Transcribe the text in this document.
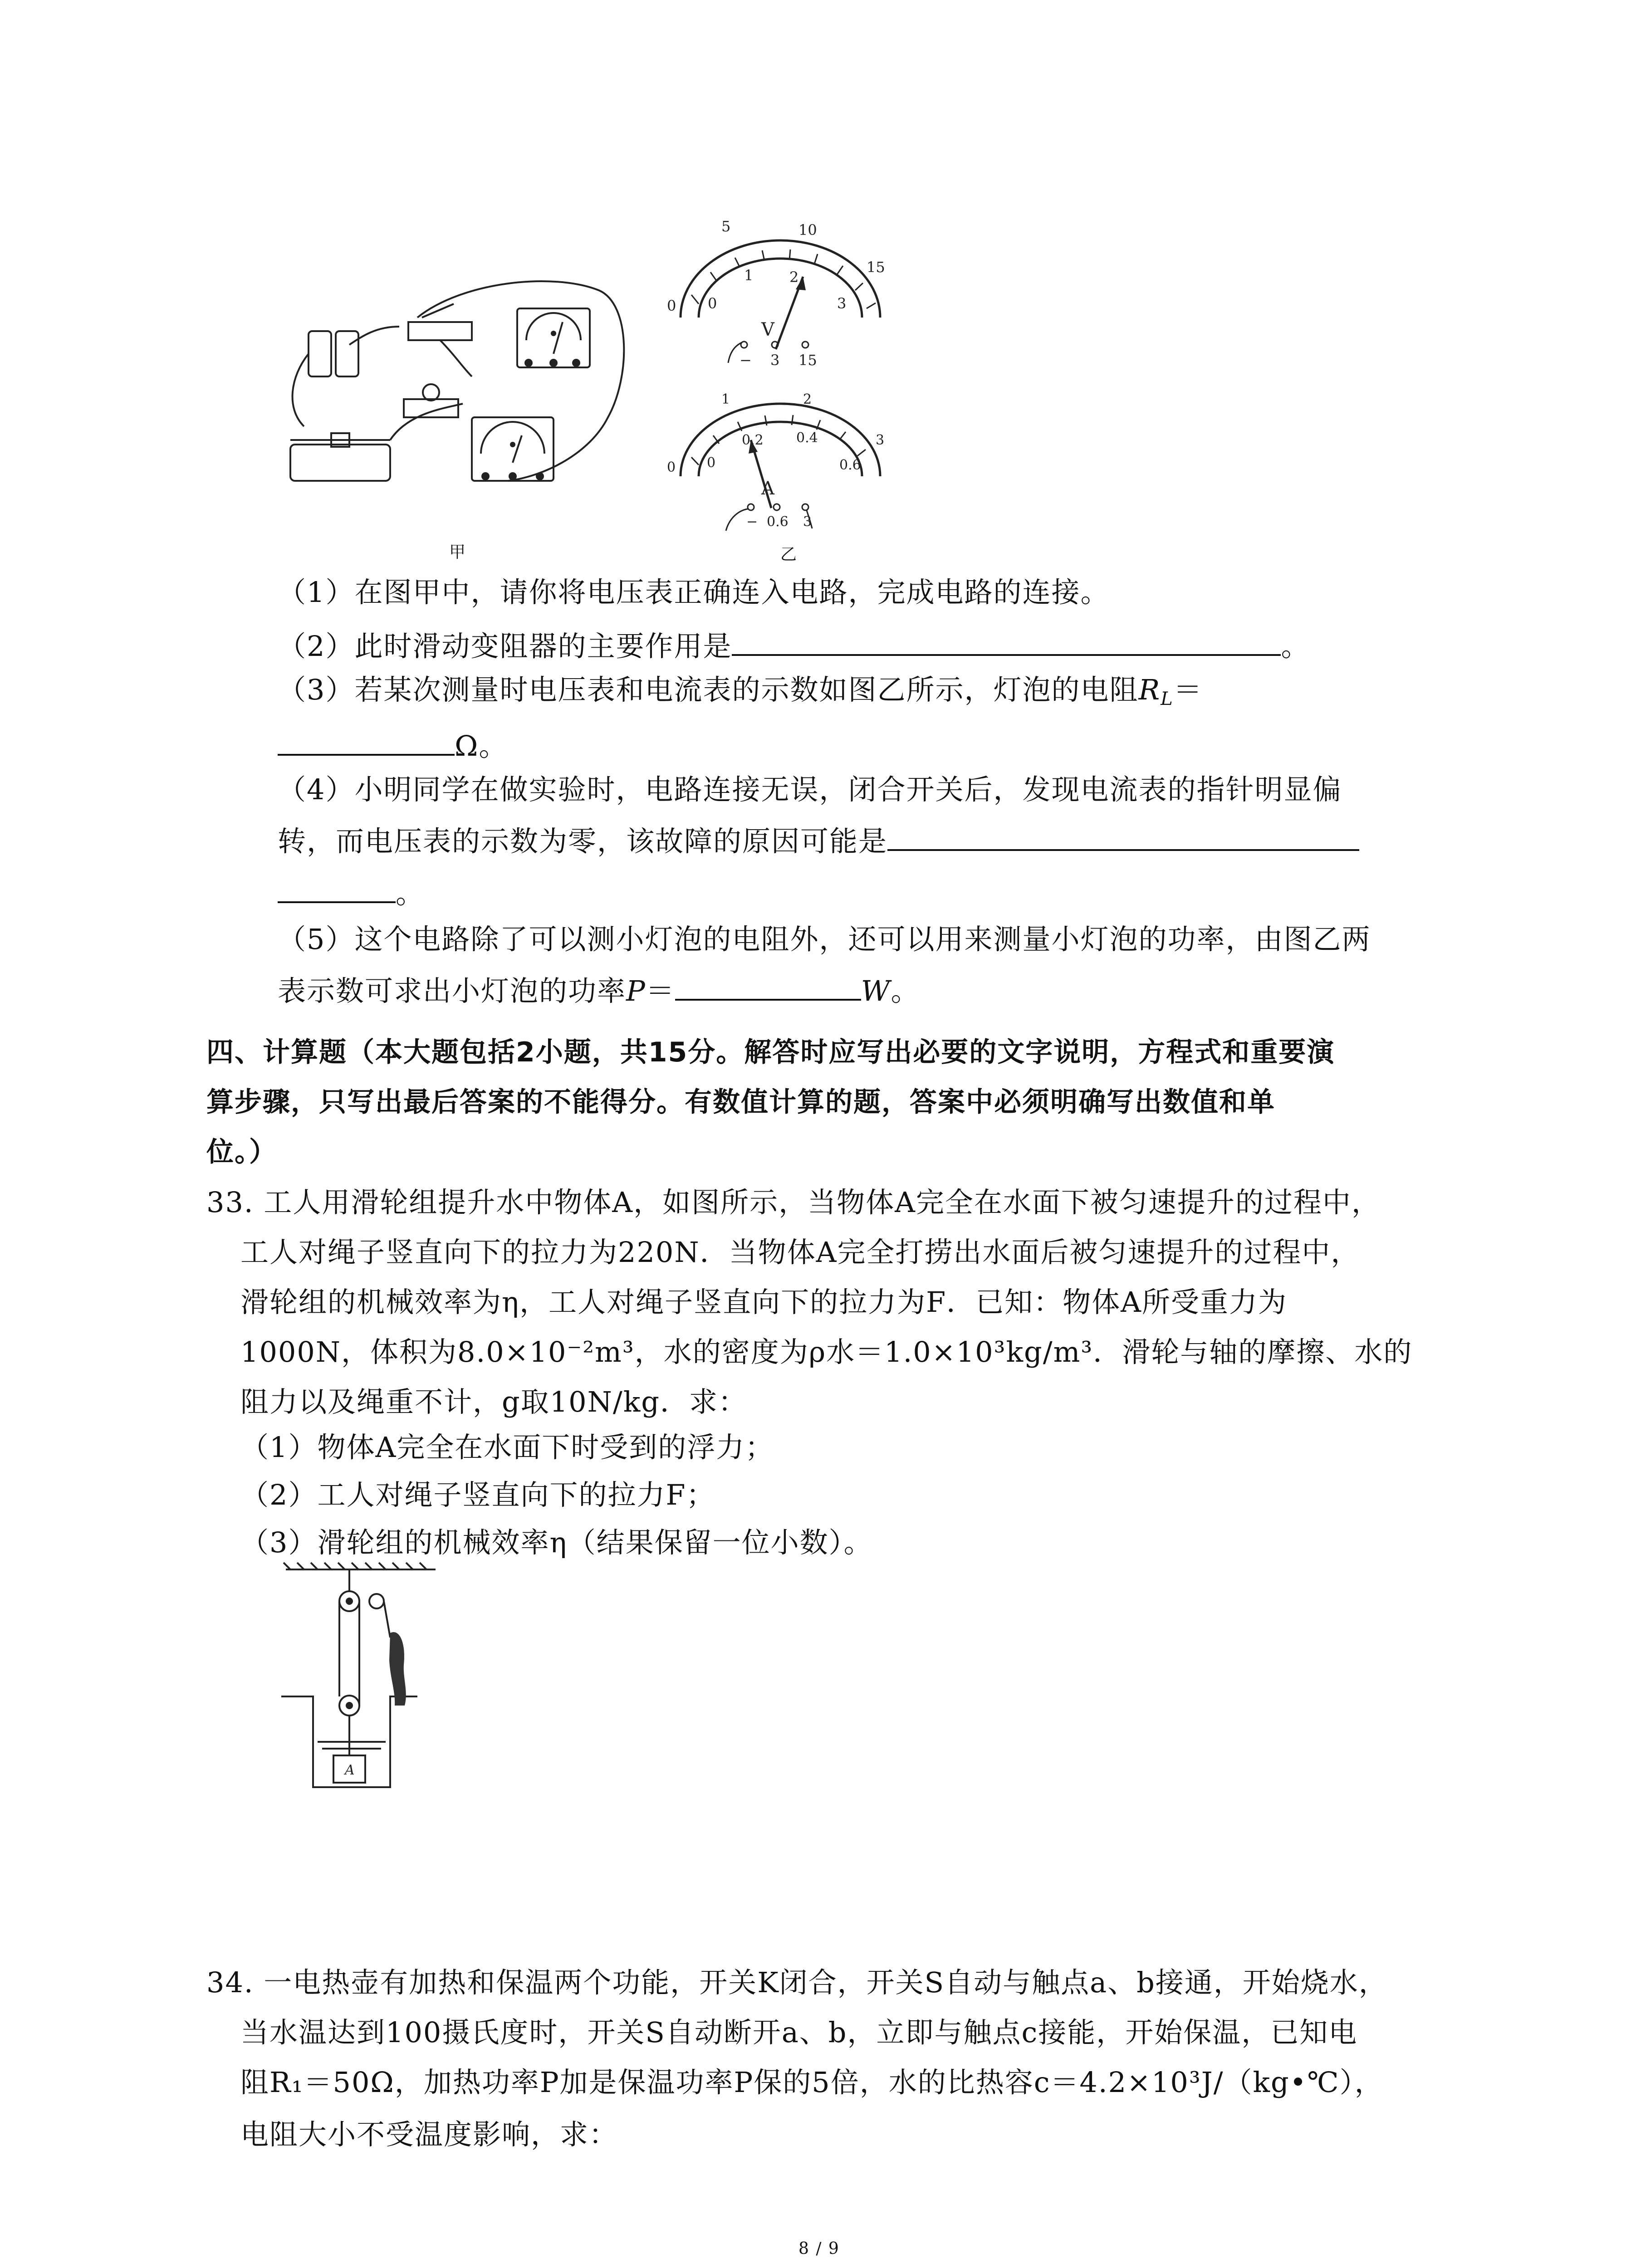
甲
0
5	10
15
0
1 2
3
V
− 3 15
0
1	2
3
0
0.2 0.4
0.6
A
− 0.6 3
乙
（1）在图甲中，请你将电压表正确连入电路，完成电路的连接。
（2）此时滑动变阻器的主要作用是	。
（3）若某次测量时电压表和电流表的示数如图乙所示，灯泡的电阻$R_L=$
Ω。
（4）小明同学在做实验时，电路连接无误，闭合开关后，发现电流表的指针明显偏
转，而电压表的示数为零，该故障的原因可能是
。
（5）这个电路除了可以测小灯泡的电阻外，还可以用来测量小灯泡的功率，由图乙两
表示数可求出小灯泡的功率P＝	W。
四、计算题（本大题包括2小题，共15分。解答时应写出必要的文字说明，方程式和重要演
算步骤，只写出最后答案的不能得分。有数值计算的题，答案中必须明确写出数值和单
位。）
33. 工人用滑轮组提升水中物体A，如图所示，当物体A完全在水面下被匀速提升的过程中，
工人对绳子竖直向下的拉力为220N．当物体A完全打捞出水面后被匀速提升的过程中，
滑轮组的机械效率为η，工人对绳子竖直向下的拉力为F．已知：物体A所受重力为
1000N，体积为8.0×10⁻²m³，水的密度为ρ水＝1.0×10³kg/m³．滑轮与轴的摩擦、水的
阻力以及绳重不计，g取10N/kg．求：
（1）物体A完全在水面下时受到的浮力；
（2）工人对绳子竖直向下的拉力F；
（3）滑轮组的机械效率η（结果保留一位小数）。
A
34. 一电热壶有加热和保温两个功能，开关K闭合，开关S自动与触点a、b接通，开始烧水，
当水温达到100摄氏度时，开关S自动断开a、b，立即与触点c接能，开始保温，已知电
阻R₁＝50Ω，加热功率P加是保温功率P保的5倍，水的比热容c＝4.2×10³J/（kg•℃），
电阻大小不受温度影响，求：
8 / 9
